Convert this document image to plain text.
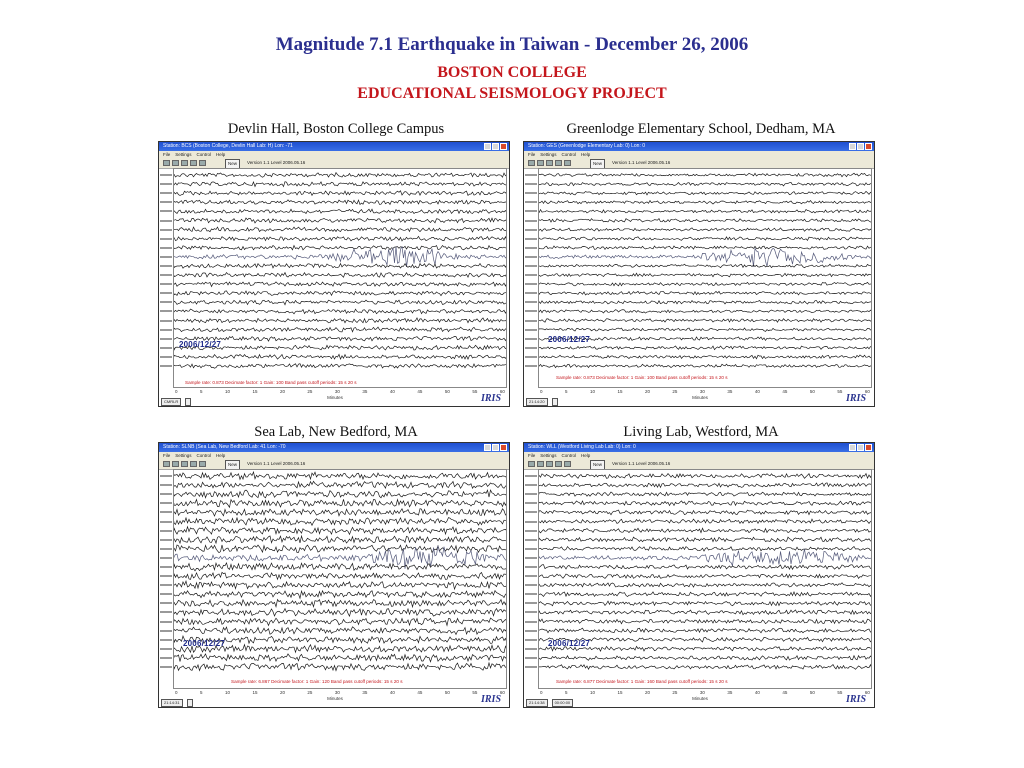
Magnitude 7.1 Earthquake in Taiwan - December 26, 2006
BOSTON COLLEGE
EDUCATIONAL SEISMOLOGY PROJECT
Devlin Hall, Boston College Campus	Greenlodge Elementary School, Dedham, MA
Sea Lab, New Bedford, MA	Living Lab, Westford, MA
Station: BCS (Boston College, Devlin Hall Lab: H) Lon: -71
File Settings Control Help
New	Version 1.1 Level 2006.05.16
2006/12/27
Sample rate: 0.873 Decimate factor: 1 Gain: 100 Band pass cutoff periods: 15 s 20 s
0	5	10	15	20	25	30	35	40	45	50	55	60
Minutes
CMRLR	IRIS
Station: GES (Greenlodge Elementary Lab: 0) Lon: 0
File Settings Control Help
New	Version 1.1 Level 2006.05.16
2006/12/27
Sample rate: 0.873 Decimate factor: 1 Gain: 100 Band pass cutoff periods: 15 s 20 s
0	5	10	15	20	25	30	35	40	45	50	55	60
Minutes
21:14:20	IRIS
Station: SLNB (Sea Lab, New Bedford Lab: 41 Lon: -70
File Settings Control Help
New	Version 1.1 Level 2006.05.16
2006/12/27
Sample rate: 6.867 Decimate factor: 1 Gain: 120 Band pass cutoff periods: 15 s 20 s
0	5	10	15	20	25	30	35	40	45	50	55	60
Minutes
21:14:31	IRIS
Station: WLL (Westford Living Lab Lab: 0) Lon: 0
File Settings Control Help
New	Version 1.1 Level 2006.05.16
2006/12/27
Sample rate: 6.877 Decimate factor: 1 Gain: 160 Band pass cutoff periods: 15 s 20 s
0	5	10	15	20	25	30	35	40	45	50	55	60
Minutes
21:14:38	00:00:00	IRIS
